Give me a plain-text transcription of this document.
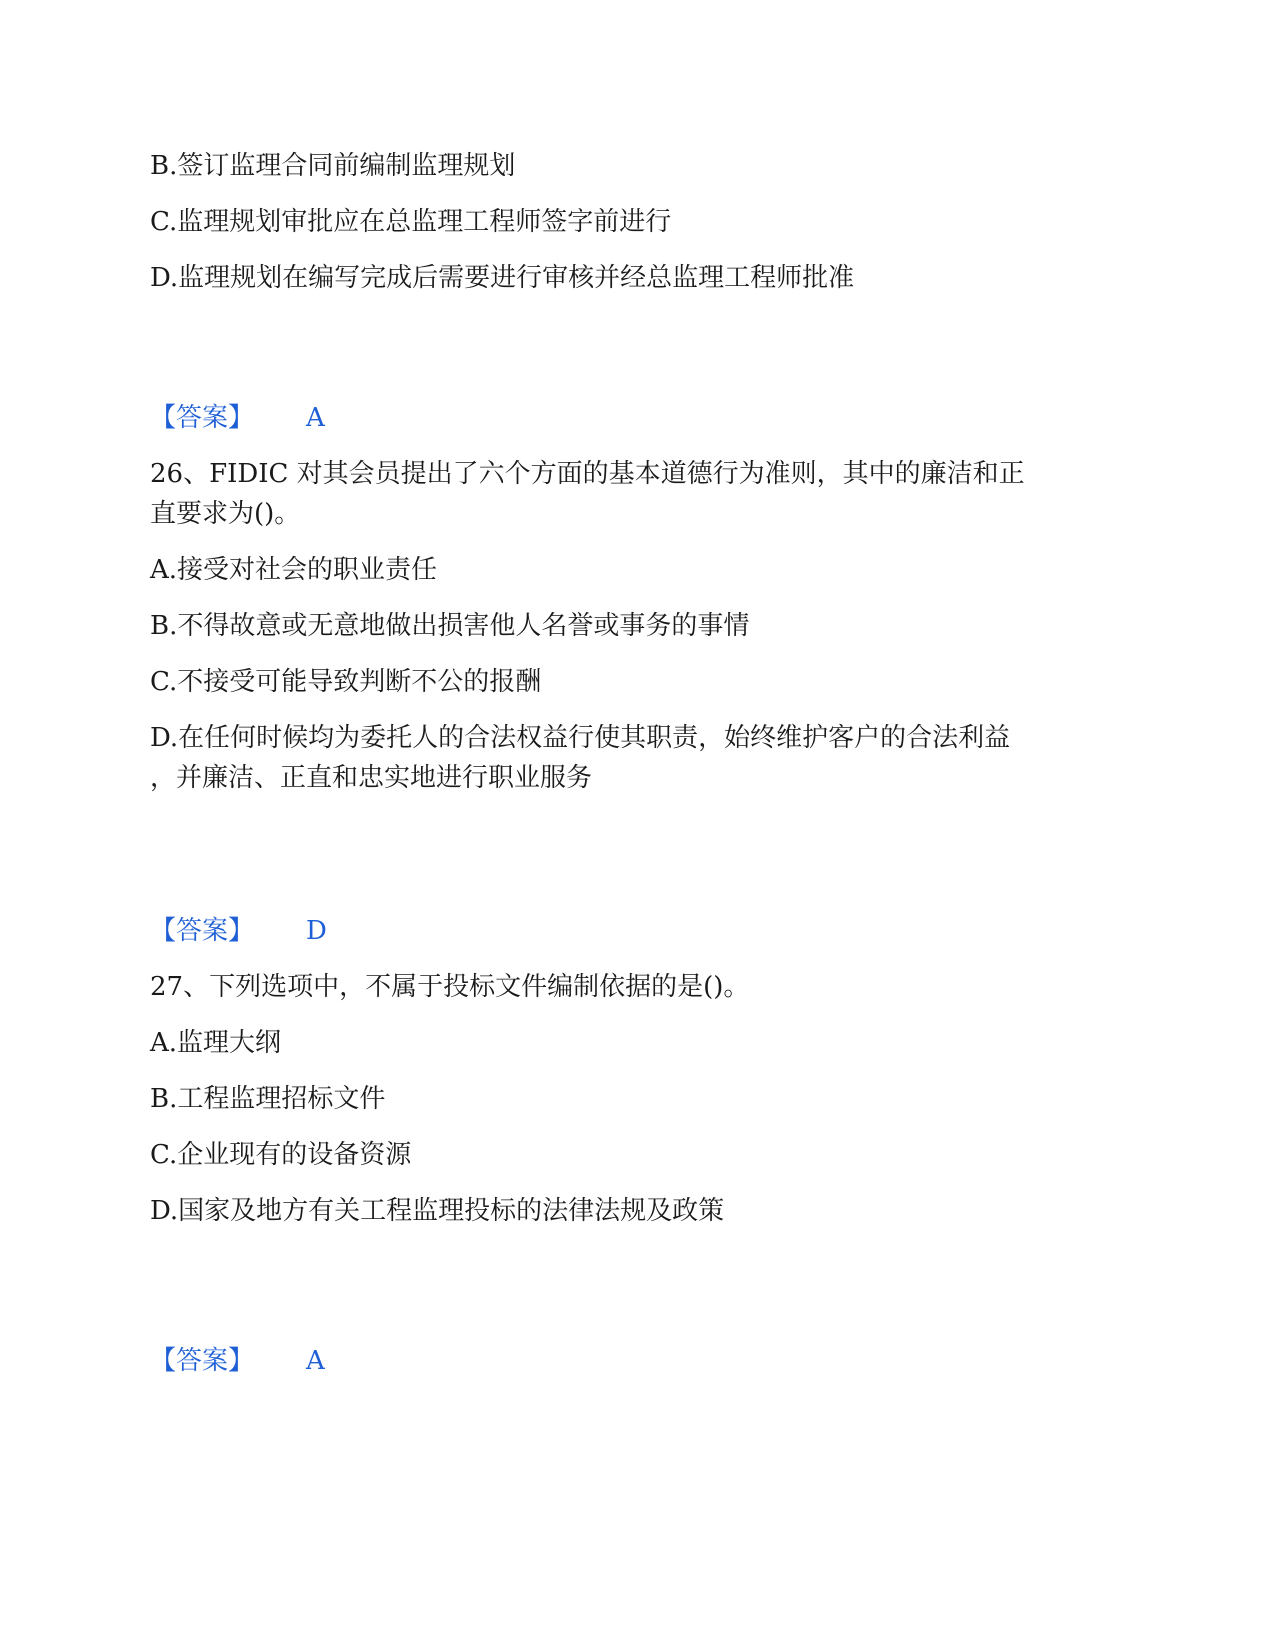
B.签订监理合同前编制监理规划
C.监理规划审批应在总监理工程师签字前进行
D.监理规划在编写完成后需要进行审核并经总监理工程师批准
【答案】 A
26、FIDIC 对其会员提出了六个方面的基本道德行为准则，其中的廉洁和正
直要求为()。
A.接受对社会的职业责任
B.不得故意或无意地做出损害他人名誉或事务的事情
C.不接受可能导致判断不公的报酬
D.在任何时候均为委托人的合法权益行使其职责，始终维护客户的合法利益
，并廉洁、正直和忠实地进行职业服务
【答案】 D
27、下列选项中，不属于投标文件编制依据的是()。
A.监理大纲
B.工程监理招标文件
C.企业现有的设备资源
D.国家及地方有关工程监理投标的法律法规及政策
【答案】 A
